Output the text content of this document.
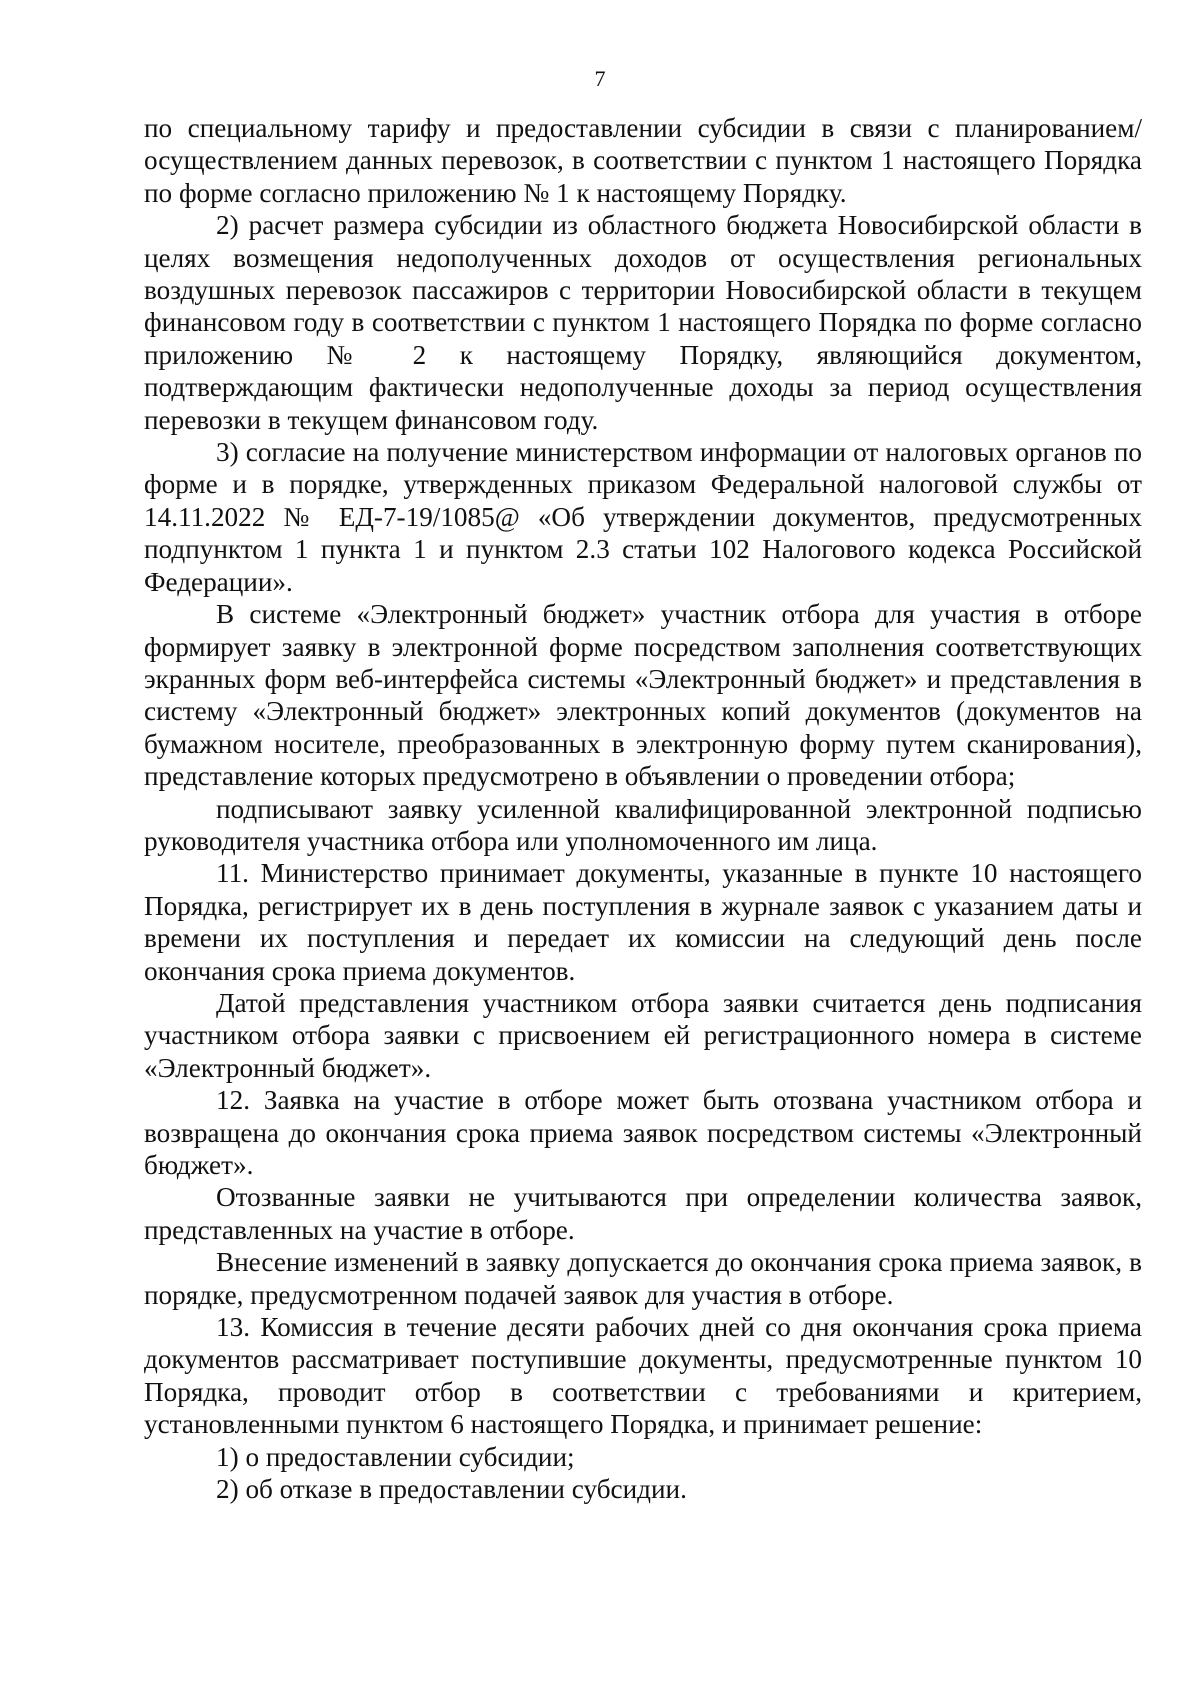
7

по специальному тарифу и предоставлении субсидии в связи с планированием/осуществлением данных перевозок, в соответствии с пунктом 1 настоящего Порядка по форме согласно приложению № 1 к настоящему Порядку.

2) расчет размера субсидии из областного бюджета Новосибирской области в целях возмещения недополученных доходов от осуществления региональных воздушных перевозок пассажиров с территории Новосибирской области в текущем финансовом году в соответствии с пунктом 1 настоящего Порядка по форме согласно приложению № 2 к настоящему Порядку, являющийся документом, подтверждающим фактически недополученные доходы за период осуществления перевозки в текущем финансовом году.

3) согласие на получение министерством информации от налоговых органов по форме и в порядке, утвержденных приказом Федеральной налоговой службы от 14.11.2022 № ЕД-7-19/1085@ «Об утверждении документов, предусмотренных подпунктом 1 пункта 1 и пунктом 2.3 статьи 102 Налогового кодекса Российской Федерации».

В системе «Электронный бюджет» участник отбора для участия в отборе формирует заявку в электронной форме посредством заполнения соответствующих экранных форм веб-интерфейса системы «Электронный бюджет» и представления в систему «Электронный бюджет» электронных копий документов (документов на бумажном носителе, преобразованных в электронную форму путем сканирования), представление которых предусмотрено в объявлении о проведении отбора;

подписывают заявку усиленной квалифицированной электронной подписью руководителя участника отбора или уполномоченного им лица.

11. Министерство принимает документы, указанные в пункте 10 настоящего Порядка, регистрирует их в день поступления в журнале заявок с указанием даты и времени их поступления и передает их комиссии на следующий день после окончания срока приема документов.

Датой представления участником отбора заявки считается день подписания участником отбора заявки с присвоением ей регистрационного номера в системе «Электронный бюджет».

12. Заявка на участие в отборе может быть отозвана участником отбора и возвращена до окончания срока приема заявок посредством системы «Электронный бюджет».

Отозванные заявки не учитываются при определении количества заявок, представленных на участие в отборе.

Внесение изменений в заявку допускается до окончания срока приема заявок, в порядке, предусмотренном подачей заявок для участия в отборе.

13. Комиссия в течение десяти рабочих дней со дня окончания срока приема документов рассматривает поступившие документы, предусмотренные пунктом 10 Порядка, проводит отбор в соответствии с требованиями и критерием, установленными пунктом 6 настоящего Порядка, и принимает решение:

1) о предоставлении субсидии;

2) об отказе в предоставлении субсидии.
